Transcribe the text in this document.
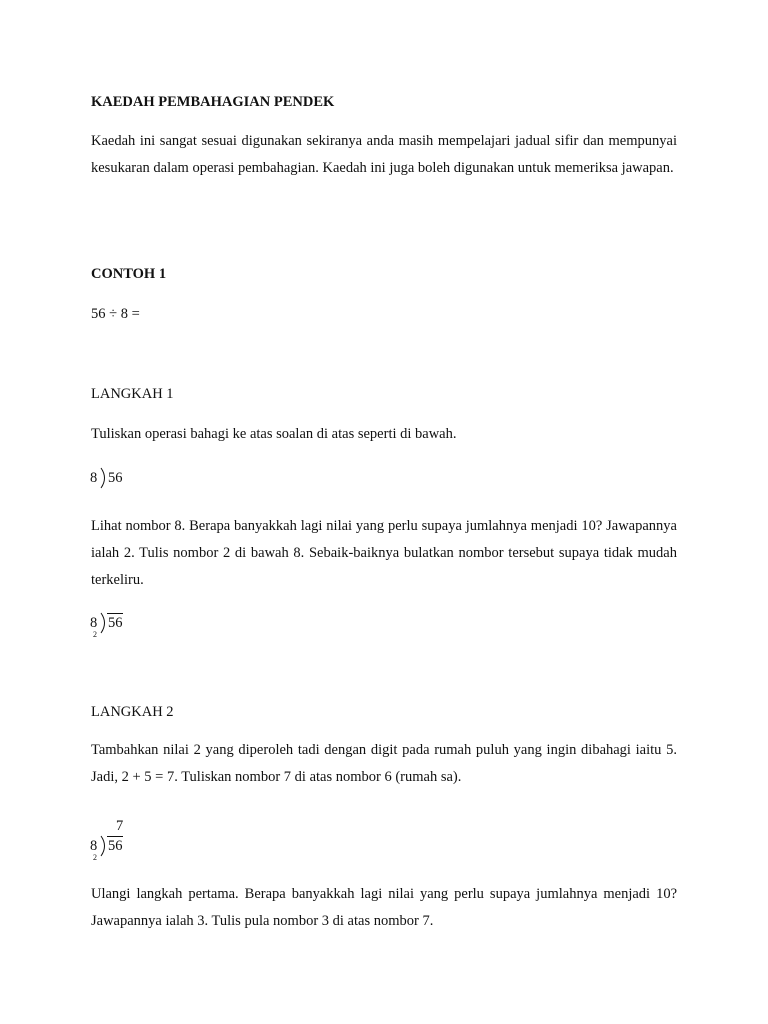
KAEDAH PEMBAHAGIAN PENDEK

Kaedah ini sangat sesuai digunakan sekiranya anda masih mempelajari jadual sifir dan mempunyai kesukaran dalam operasi pembahagian. Kaedah ini juga boleh digunakan untuk memeriksa jawapan.

CONTOH 1

56 ÷ 8 =

LANGKAH 1

Tuliskan operasi bahagi ke atas soalan di atas seperti di bawah.

8 56

Lihat nombor 8. Berapa banyakkah lagi nilai yang perlu supaya jumlahnya menjadi 10? Jawapannya ialah 2. Tulis nombor 2 di bawah 8. Sebaik-baiknya bulatkan nombor tersebut supaya tidak mudah terkeliru.

8 56
2

LANGKAH 2

Tambahkan nilai 2 yang diperoleh tadi dengan digit pada rumah puluh yang ingin dibahagi iaitu 5. Jadi, 2 + 5 = 7. Tuliskan nombor 7 di atas nombor 6 (rumah sa).

7
8 56
2

Ulangi langkah pertama. Berapa banyakkah lagi nilai yang perlu supaya jumlahnya menjadi 10? Jawapannya ialah 3. Tulis pula nombor 3 di atas nombor 7.
